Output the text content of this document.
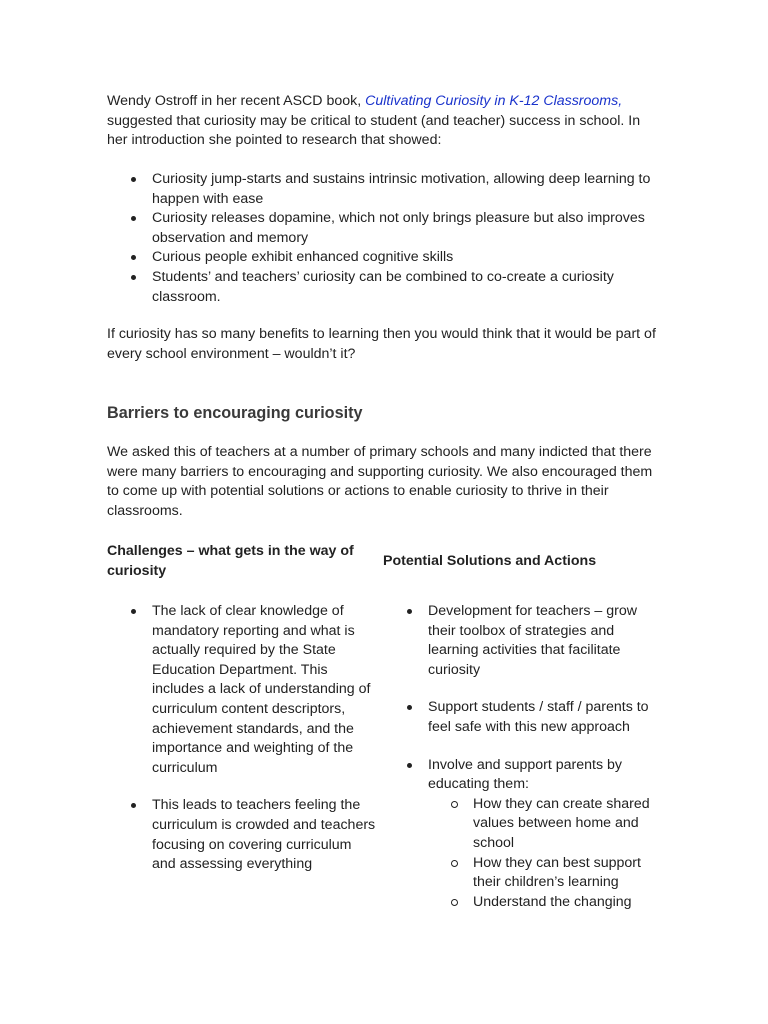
Wendy Ostroff in her recent ASCD book, Cultivating Curiosity in K-12 Classrooms, suggested that curiosity may be critical to student (and teacher) success in school. In her introduction she pointed to research that showed:

Curiosity jump-starts and sustains intrinsic motivation, allowing deep learning to happen with ease
Curiosity releases dopamine, which not only brings pleasure but also improves observation and memory
Curious people exhibit enhanced cognitive skills
Students’ and teachers’ curiosity can be combined to co-create a curiosity classroom.

If curiosity has so many benefits to learning then you would think that it would be part of every school environment – wouldn’t it?

Barriers to encouraging curiosity

We asked this of teachers at a number of primary schools and many indicted that there were many barriers to encouraging and supporting curiosity. We also encouraged them to come up with potential solutions or actions to enable curiosity to thrive in their classrooms.

Challenges – what gets in the way of curiosity
Potential Solutions and Actions
The lack of clear knowledge of mandatory reporting and what is actually required by the State Education Department. This includes a lack of understanding of curriculum content descriptors, achievement standards, and the importance and weighting of the curriculum
This leads to teachers feeling the curriculum is crowded and teachers focusing on covering curriculum and assessing everything
Development for teachers – grow their toolbox of strategies and learning activities that facilitate curiosity
Support students / staff / parents to feel safe with this new approach
Involve and support parents by educating them:
How they can create shared values between home and school
How they can best support their children’s learning
Understand the changing
